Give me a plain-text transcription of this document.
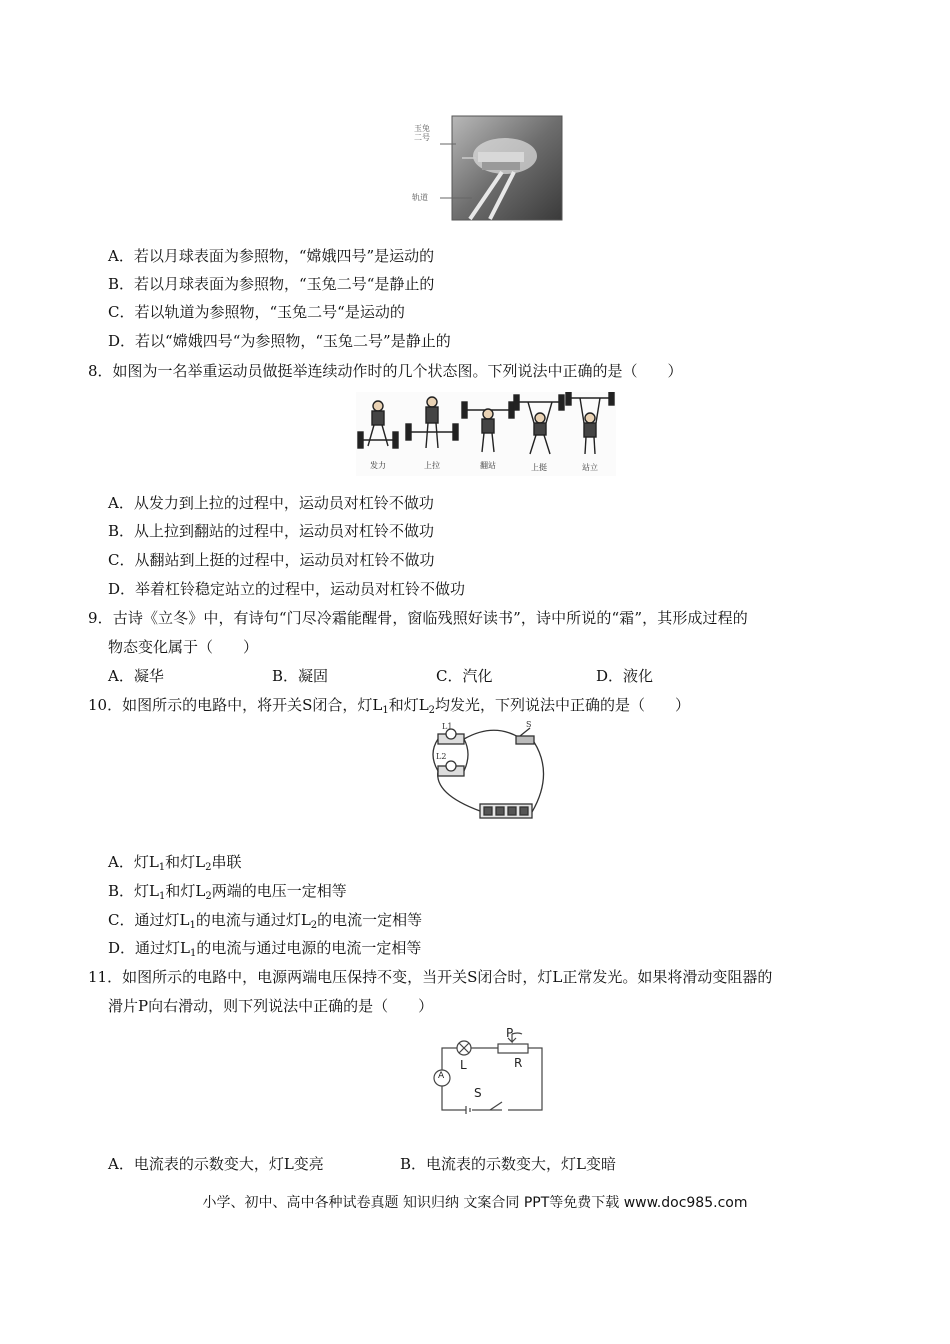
玉兔二号
轨道
A．若以月球表面为参照物，“嫦娥四号”是运动的
B．若以月球表面为参照物，“玉兔二号“是静止的
C．若以轨道为参照物，“玉兔二号“是运动的
D．若以“嫦娥四号“为参照物，“玉兔二号”是静止的
8．如图为一名举重运动员做挺举连续动作时的几个状态图。下列说法中正确的是（　　）
发力	上拉	翻站	上挺	站立
A．从发力到上拉的过程中，运动员对杠铃不做功
B．从上拉到翻站的过程中，运动员对杠铃不做功
C．从翻站到上挺的过程中，运动员对杠铃不做功
D．举着杠铃稳定站立的过程中，运动员对杠铃不做功
9．古诗《立冬》中，有诗句“门尽冷霜能醒骨，窗临残照好读书”，诗中所说的“霜”，其形成过程的
物态变化属于（　　）
A．凝华	B．凝固	C．汽化	D．液化
10．如图所示的电路中，将开关S闭合，灯$L_1$和灯$L_2$均发光，下列说法中正确的是（　　）
L1
L2
S
A．灯$L_1$和灯$L_2$串联
B．灯$L_1$和灯$L_2$两端的电压一定相等
C．通过灯$L_1$的电流与通过灯$L_2$的电流一定相等
D．通过灯$L_1$的电流与通过电源的电流一定相等
11．如图所示的电路中，电源两端电压保持不变，当开关S闭合时，灯L正常发光。如果将滑动变阻器的
滑片P向右滑动，则下列说法中正确的是（　　）
P
R
L
S
A
A．电流表的示数变大，灯L变亮	B．电流表的示数变大，灯L变暗
小学、初中、高中各种试卷真题 知识归纳 文案合同 PPT等免费下载 www.doc985.com
